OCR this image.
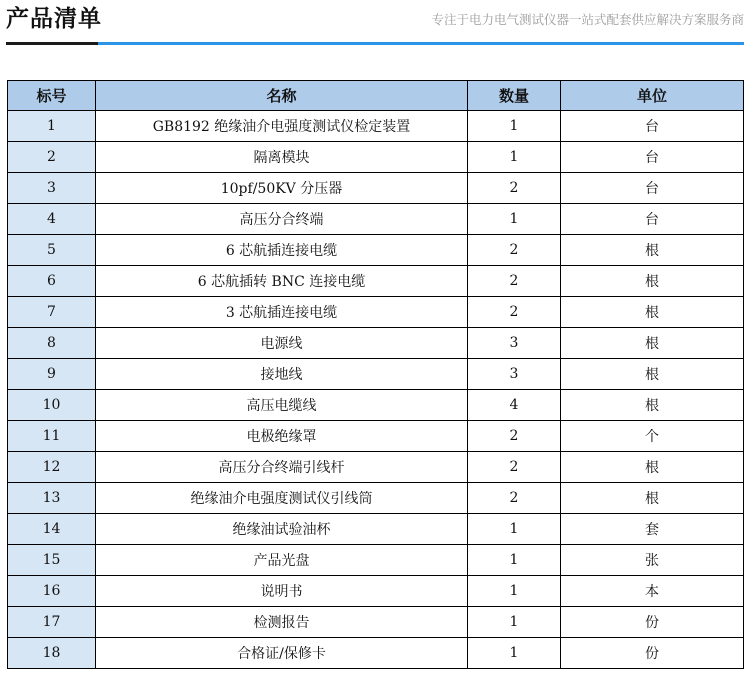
产品清单	专注于电力电气测试仪器一站式配套供应解决方案服务商
标号	名称	数量	单位
1	GB8192 绝缘油介电强度测试仪检定装置	1	台
2	隔离模块	1	台
3	10pf/50KV 分压器	2	台
4	高压分合终端	1	台
5	6 芯航插连接电缆	2	根
6	6 芯航插转 BNC 连接电缆	2	根
7	3 芯航插连接电缆	2	根
8	电源线	3	根
9	接地线	3	根
10	高压电缆线	4	根
11	电极绝缘罩	2	个
12	高压分合终端引线杆	2	根
13	绝缘油介电强度测试仪引线筒	2	根
14	绝缘油试验油杯	1	套
15	产品光盘	1	张
16	说明书	1	本
17	检测报告	1	份
18	合格证/保修卡	1	份
